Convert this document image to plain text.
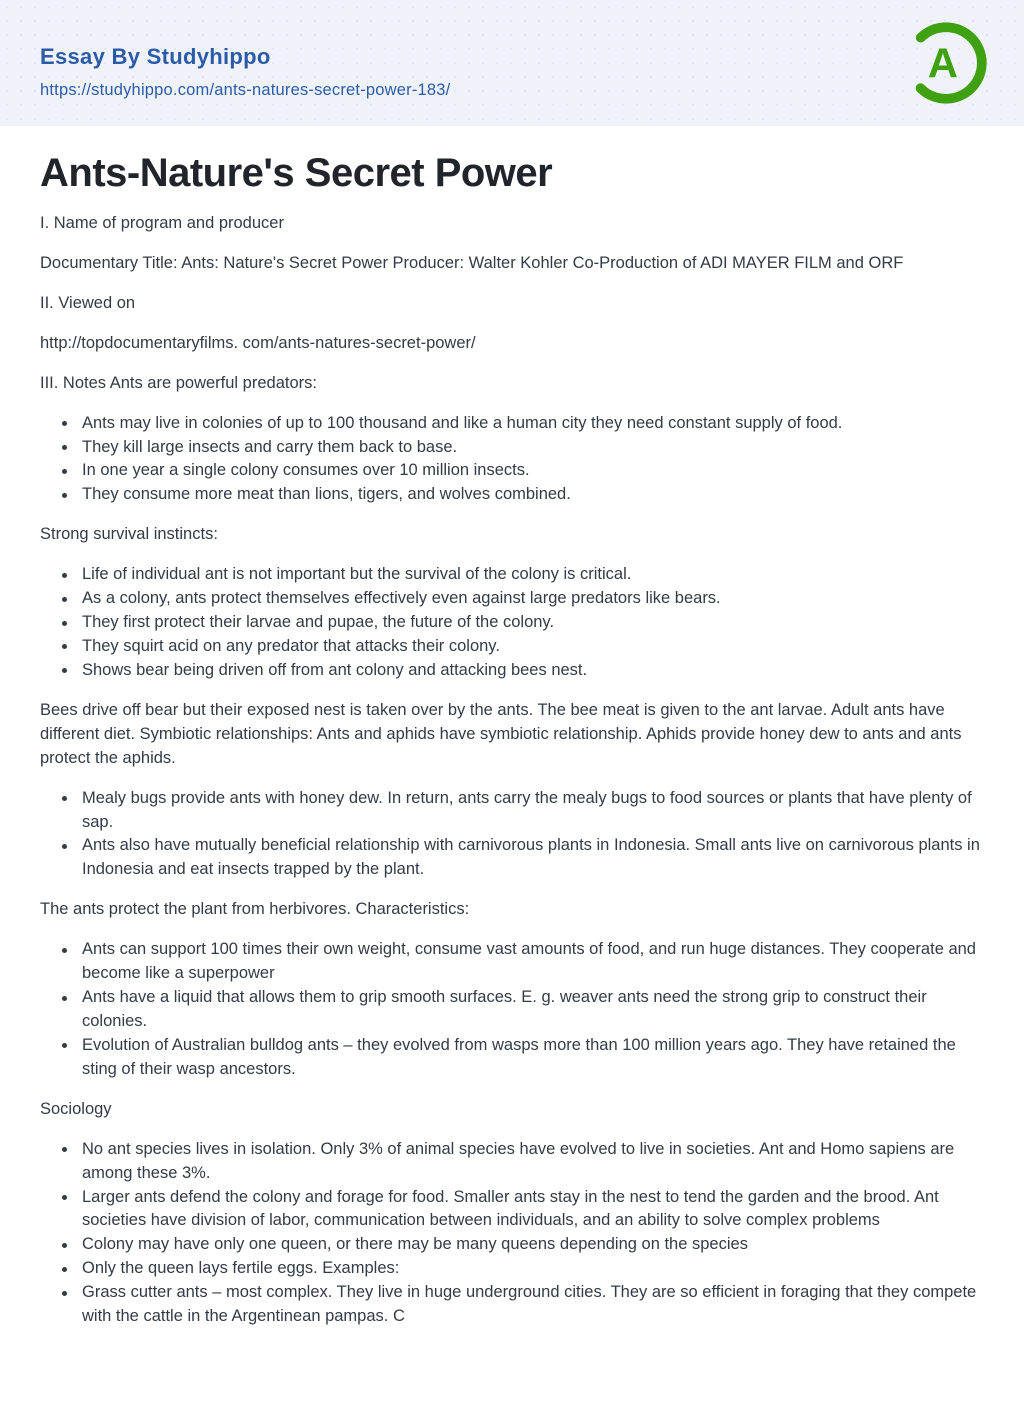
Essay By Studyhippo
https://studyhippo.com/ants-natures-secret-power-183/
A
Ants-Nature's Secret Power

I. Name of program and producer

Documentary Title: Ants: Nature's Secret Power Producer: Walter Kohler Co-Production of ADI MAYER FILM and ORF

II. Viewed on

http://topdocumentaryfilms. com/ants-natures-secret-power/

III. Notes Ants are powerful predators:

Ants may live in colonies of up to 100 thousand and like a human city they need constant supply of food.
They kill large insects and carry them back to base.
In one year a single colony consumes over 10 million insects.
They consume more meat than lions, tigers, and wolves combined.

Strong survival instincts:

Life of individual ant is not important but the survival of the colony is critical.
As a colony, ants protect themselves effectively even against large predators like bears.
They first protect their larvae and pupae, the future of the colony.
They squirt acid on any predator that attacks their colony.
Shows bear being driven off from ant colony and attacking bees nest.

Bees drive off bear but their exposed nest is taken over by the ants. The bee meat is given to the ant larvae. Adult ants have different diet. Symbiotic relationships: Ants and aphids have symbiotic relationship. Aphids provide honey dew to ants and ants protect the aphids.

Mealy bugs provide ants with honey dew. In return, ants carry the mealy bugs to food sources or plants that have plenty of sap.
Ants also have mutually beneficial relationship with carnivorous plants in Indonesia. Small ants live on carnivorous plants in Indonesia and eat insects trapped by the plant.

The ants protect the plant from herbivores. Characteristics:

Ants can support 100 times their own weight, consume vast amounts of food, and run huge distances. They cooperate and become like a superpower
Ants have a liquid that allows them to grip smooth surfaces. E. g. weaver ants need the strong grip to construct their colonies.
Evolution of Australian bulldog ants – they evolved from wasps more than 100 million years ago. They have retained the sting of their wasp ancestors.

Sociology

No ant species lives in isolation. Only 3% of animal species have evolved to live in societies. Ant and Homo sapiens are among these 3%.
Larger ants defend the colony and forage for food. Smaller ants stay in the nest to tend the garden and the brood. Ant societies have division of labor, communication between individuals, and an ability to solve complex problems
Colony may have only one queen, or there may be many queens depending on the species
Only the queen lays fertile eggs. Examples:
Grass cutter ants – most complex. They live in huge underground cities. They are so efficient in foraging that they compete with the cattle in the Argentinean pampas. C
